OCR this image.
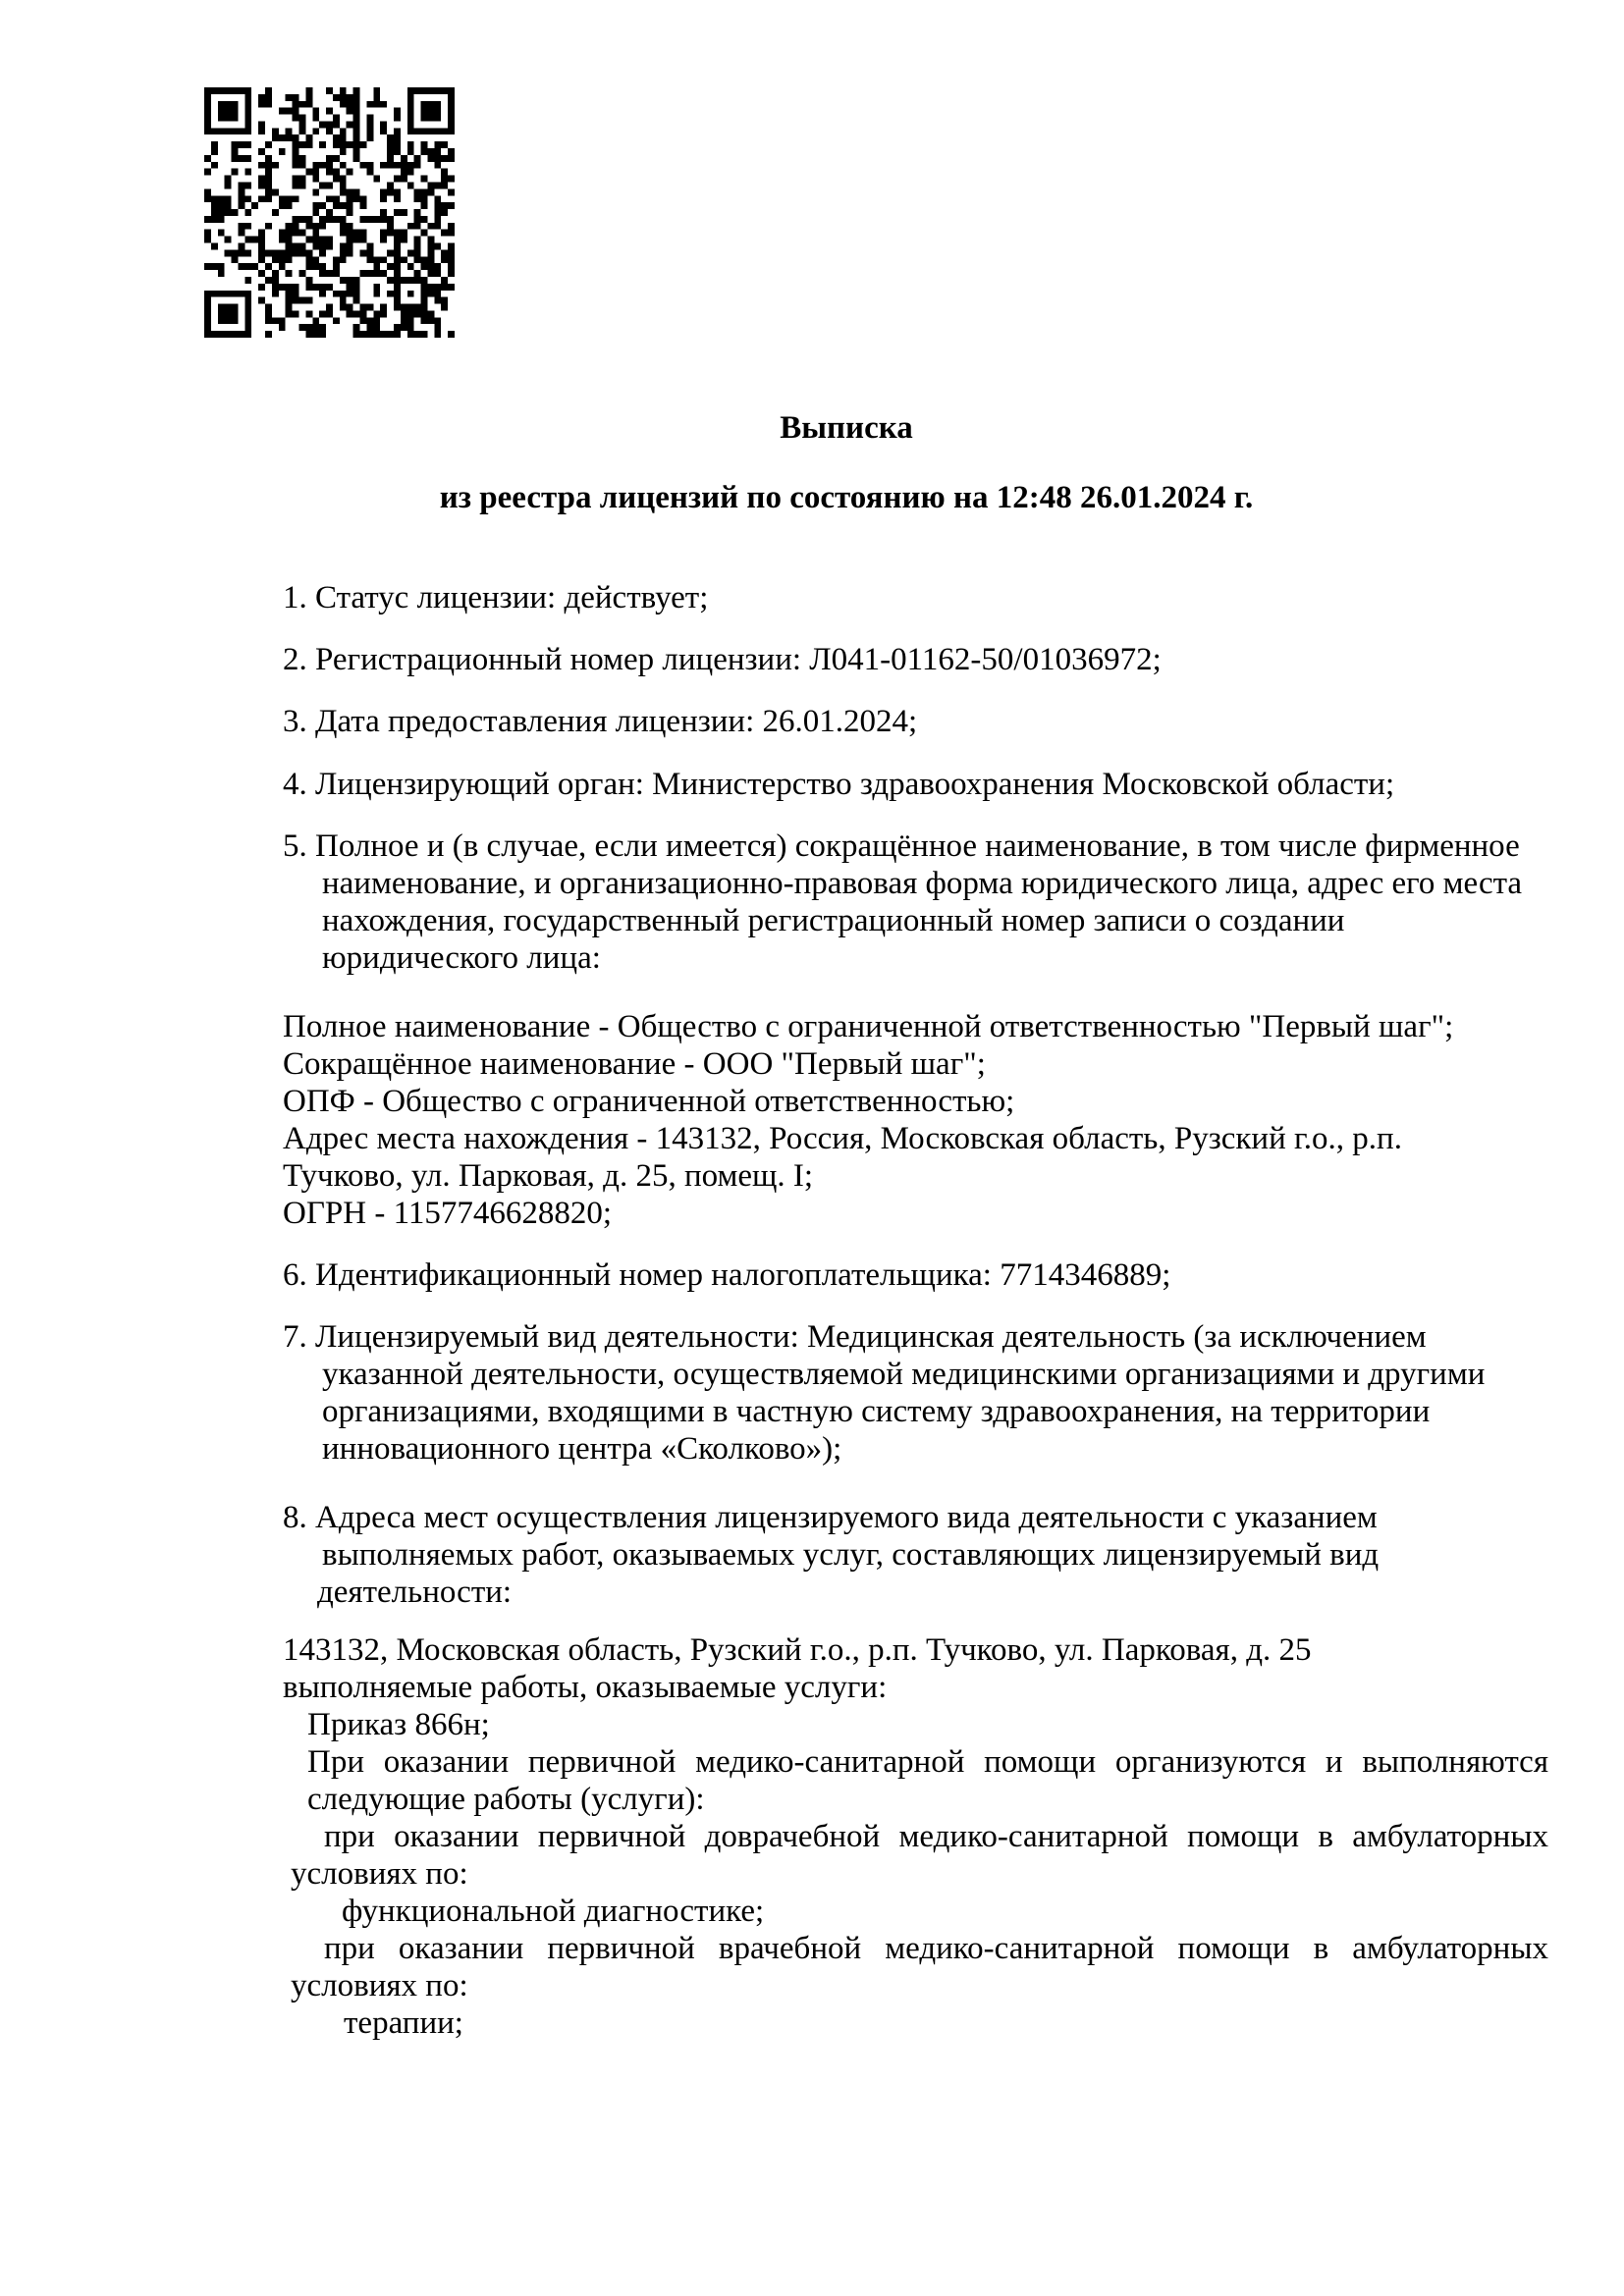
Выписка
из реестра лицензий по состоянию на 12:48 26.01.2024 г.
1. Статус лицензии: действует;
2. Регистрационный номер лицензии: Л041-01162-50/01036972;
3. Дата предоставления лицензии: 26.01.2024;
4. Лицензирующий орган: Министерство здравоохранения Московской области;
5. Полное и (в случае, если имеется) сокращённое наименование, в том числе фирменное
наименование, и организационно-правовая форма юридического лица, адрес его места
нахождения, государственный регистрационный номер записи о создании
юридического лица:
Полное наименование - Общество с ограниченной ответственностью "Первый шаг";
Сокращённое наименование - ООО "Первый шаг";
ОПФ - Общество с ограниченной ответственностью;
Адрес места нахождения - 143132, Россия, Московская область, Рузский г.о., р.п.
Тучково, ул. Парковая, д. 25, помещ. I;
ОГРН - 1157746628820;
6. Идентификационный номер налогоплательщика: 7714346889;
7. Лицензируемый вид деятельности: Медицинская деятельность (за исключением
указанной деятельности, осуществляемой медицинскими организациями и другими
организациями, входящими в частную систему здравоохранения, на территории
инновационного центра «Сколково»);
8. Адреса мест осуществления лицензируемого вида деятельности с указанием
выполняемых работ, оказываемых услуг, составляющих лицензируемый вид
деятельности:
143132, Московская область, Рузский г.о., р.п. Тучково, ул. Парковая, д. 25
выполняемые работы, оказываемые услуги:
Приказ 866н;
При оказании первичной медико-санитарной помощи организуются и выполняются
следующие работы (услуги):
при оказании первичной доврачебной медико-санитарной помощи в амбулаторных
условиях по:
функциональной диагностике;
при оказании первичной врачебной медико-санитарной помощи в амбулаторных
условиях по:
терапии;
